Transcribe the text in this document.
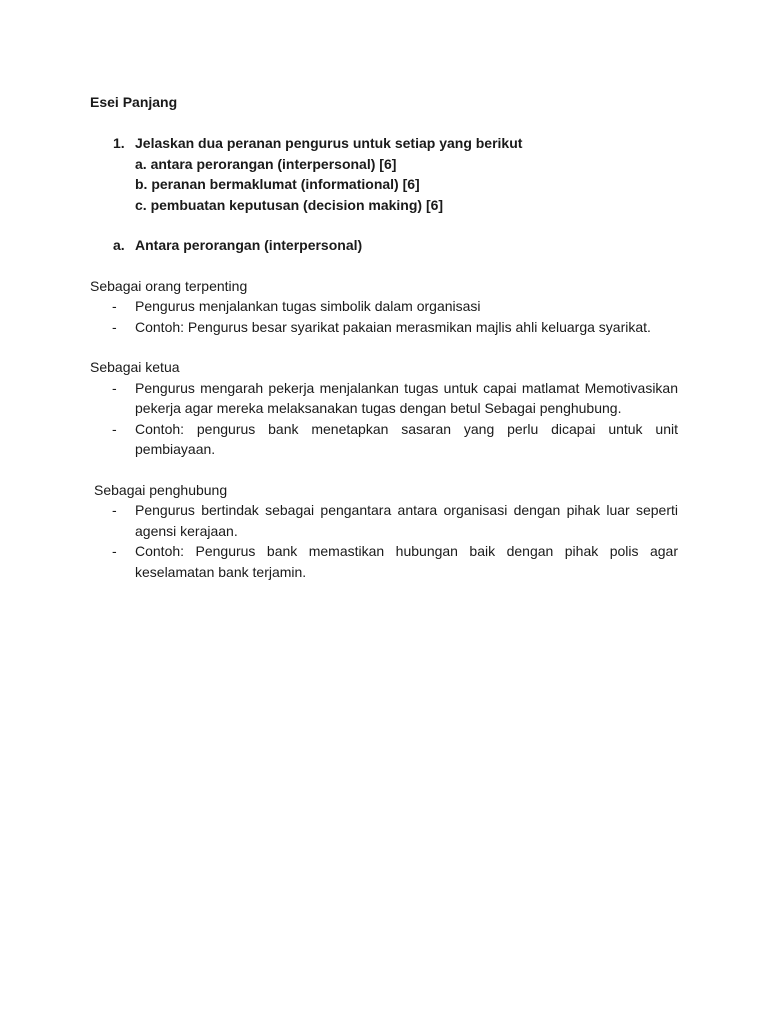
Esei Panjang

1. Jelaskan dua peranan pengurus untuk setiap yang berikut
a. antara perorangan (interpersonal) [6]
b. peranan bermaklumat (informational) [6]
c. pembuatan keputusan (decision making) [6]
a. Antara perorangan (interpersonal)
Sebagai orang terpenting
-	Pengurus menjalankan tugas simbolik dalam organisasi
-	Contoh: Pengurus besar syarikat pakaian merasmikan majlis ahli keluarga syarikat.
Sebagai ketua
-	Pengurus mengarah pekerja menjalankan tugas untuk capai matlamat Memotivasikan pekerja agar mereka melaksanakan tugas dengan betul Sebagai penghubung.
-	Contoh: pengurus bank menetapkan sasaran yang perlu dicapai untuk unit pembiayaan.
Sebagai penghubung
-	Pengurus bertindak sebagai pengantara antara organisasi dengan pihak luar seperti agensi kerajaan.
-	Contoh: Pengurus bank memastikan hubungan baik dengan pihak polis agar keselamatan bank terjamin.
